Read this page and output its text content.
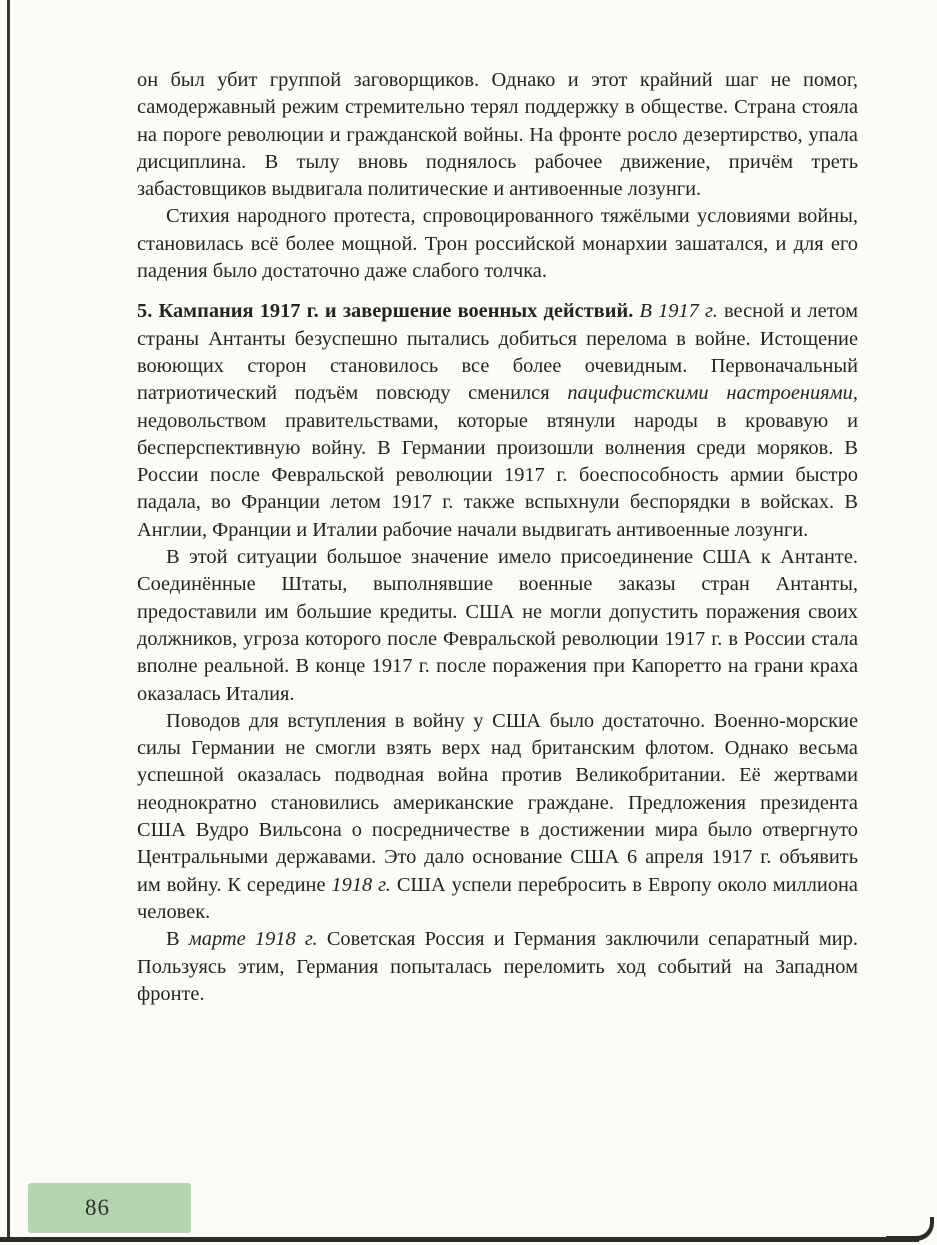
он был убит группой заговорщиков. Однако и этот крайний шаг не помог, самодержавный режим стремительно терял поддержку в обществе. Страна стояла на пороге революции и гражданской войны. На фронте росло дезертирство, упала дисциплина. В тылу вновь поднялось рабочее движение, причём треть забастовщиков выдвигала политические и антивоенные лозунги.

Стихия народного протеста, спровоцированного тяжёлыми условиями войны, становилась всё более мощной. Трон российской монархии зашатался, и для его падения было достаточно даже слабого толчка.

5. Кампания 1917 г. и завершение военных действий. В 1917 г. весной и летом страны Антанты безуспешно пытались добиться перелома в войне. Истощение воюющих сторон становилось все более очевидным. Первоначальный патриотический подъём повсюду сменился пацифистскими настроениями, недовольством правительствами, которые втянули народы в кровавую и бесперспективную войну. В Германии произошли волнения среди моряков. В России после Февральской революции 1917 г. боеспособность армии быстро падала, во Франции летом 1917 г. также вспыхнули беспорядки в войсках. В Англии, Франции и Италии рабочие начали выдвигать антивоенные лозунги.

В этой ситуации большое значение имело присоединение США к Антанте. Соединённые Штаты, выполнявшие военные заказы стран Антанты, предоставили им большие кредиты. США не могли допустить поражения своих должников, угроза которого после Февральской революции 1917 г. в России стала вполне реальной. В конце 1917 г. после поражения при Капоретто на грани краха оказалась Италия.

Поводов для вступления в войну у США было достаточно. Военно-морские силы Германии не смогли взять верх над британским флотом. Однако весьма успешной оказалась подводная война против Великобритании. Её жертвами неоднократно становились американские граждане. Предложения президента США Вудро Вильсона о посредничестве в достижении мира было отвергнуто Центральными державами. Это дало основание США 6 апреля 1917 г. объявить им войну. К середине 1918 г. США успели перебросить в Европу около миллиона человек.

В марте 1918 г. Советская Россия и Германия заключили сепаратный мир. Пользуясь этим, Германия попыталась переломить ход событий на Западном фронте.

86
